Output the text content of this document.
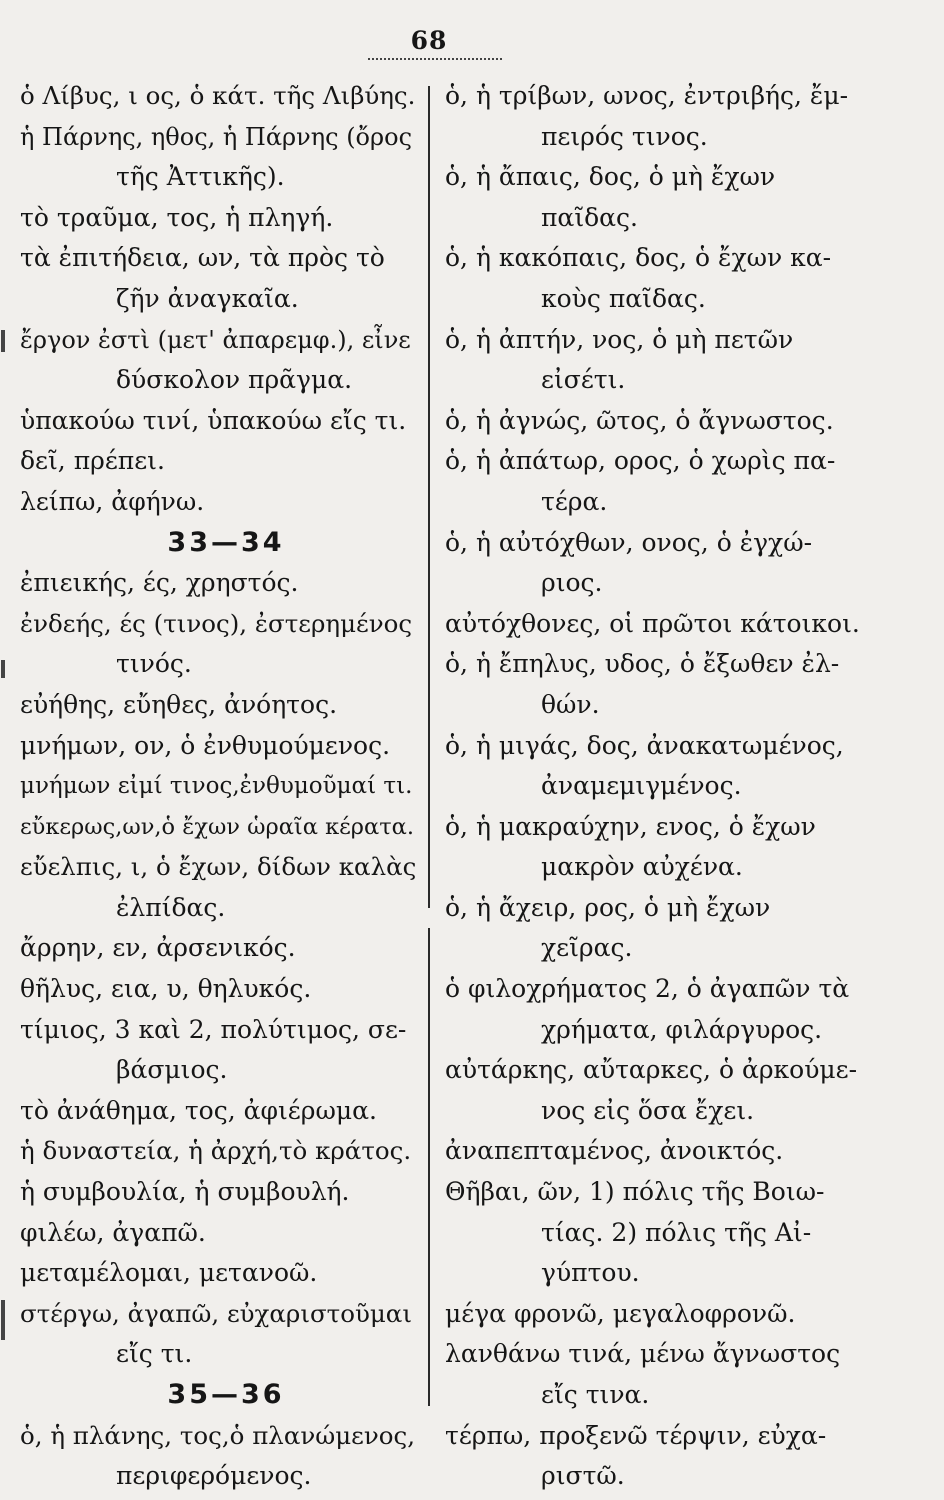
68
ὁ Λίβυς, ι ος, ὁ κάτ. τῆς Λιβύης.
ἡ Πάρνης, ηθος, ἡ Πάρνης (ὄρος
τῆς Ἀττικῆς).
τὸ τραῦμα, τος, ἡ πληγή.
τὰ ἐπιτήδεια, ων, τὰ πρὸς τὸ
ζῆν ἀναγκαῖα.
ἔργον ἐστὶ (μετ' ἀπαρεμφ.), εἶνε
δύσκολον πρᾶγμα.
ὑπακούω τινί, ὑπακούω εἴς τι.
δεῖ, πρέπει.
λείπω, ἀφήνω.
33—34
ἐπιεικής, ές, χρηστός.
ἐνδεής, ές (τινος), ἐστερημένος
τινός.
εὐήθης, εὔηθες, ἀνόητος.
μνήμων, ον, ὁ ἐνθυμούμενος.
μνήμων εἰμί τινος,ἐνθυμοῦμαί τι.
εὔκερως,ων,ὁ ἔχων ὡραῖα κέρατα.
εὔελπις, ι, ὁ ἔχων, δίδων καλὰς
ἐλπίδας.
ἄρρην, εν, ἀρσενικός.
θῆλυς, εια, υ, θηλυκός.
τίμιος, 3 καὶ 2, πολύτιμος, σε-
βάσμιος.
τὸ ἀνάθημα, τος, ἀφιέρωμα.
ἡ δυναστεία, ἡ ἀρχή,τὸ κράτος.
ἡ συμβουλία, ἡ συμβουλή.
φιλέω, ἀγαπῶ.
μεταμέλομαι, μετανοῶ.
στέργω, ἀγαπῶ, εὐχαριστοῦμαι
εἴς τι.
35—36
ὁ, ἡ πλάνης, τος,ὁ πλανώμενος,
περιφερόμενος.
ὁ, ἡ τρίβων, ωνος, ἐντριβής, ἔμ-
πειρός τινος.
ὁ, ἡ ἄπαις, δος, ὁ μὴ ἔχων
παῖδας.
ὁ, ἡ κακόπαις, δος, ὁ ἔχων κα-
κοὺς παῖδας.
ὁ, ἡ ἀπτήν, νος, ὁ μὴ πετῶν
εἰσέτι.
ὁ, ἡ ἀγνώς, ῶτος, ὁ ἄγνωστος.
ὁ, ἡ ἀπάτωρ, ορος, ὁ χωρὶς πα-
τέρα.
ὁ, ἡ αὐτόχθων, ονος, ὁ ἐγχώ-
ριος.
αὐτόχθονες, οἱ πρῶτοι κάτοικοι.
ὁ, ἡ ἔπηλυς, υδος, ὁ ἔξωθεν ἐλ-
θών.
ὁ, ἡ μιγάς, δος, ἀνακατωμένος,
ἀναμεμιγμένος.
ὁ, ἡ μακραύχην, ενος, ὁ ἔχων
μακρὸν αὐχένα.
ὁ, ἡ ἄχειρ, ρος, ὁ μὴ ἔχων
χεῖρας.
ὁ φιλοχρήματος 2, ὁ ἀγαπῶν τὰ
χρήματα, φιλάργυρος.
αὐτάρκης, αὔταρκες, ὁ ἀρκούμε-
νος εἰς ὅσα ἔχει.
ἀναπεπταμένος, ἀνοικτός.
Θῆβαι, ῶν, 1) πόλις τῆς Βοιω-
τίας. 2) πόλις τῆς Αἰ-
γύπτου.
μέγα φρονῶ, μεγαλοφρονῶ.
λανθάνω τινά, μένω ἄγνωστος
εἴς τινα.
τέρπω, προξενῶ τέρψιν, εὐχα-
ριστῶ.
